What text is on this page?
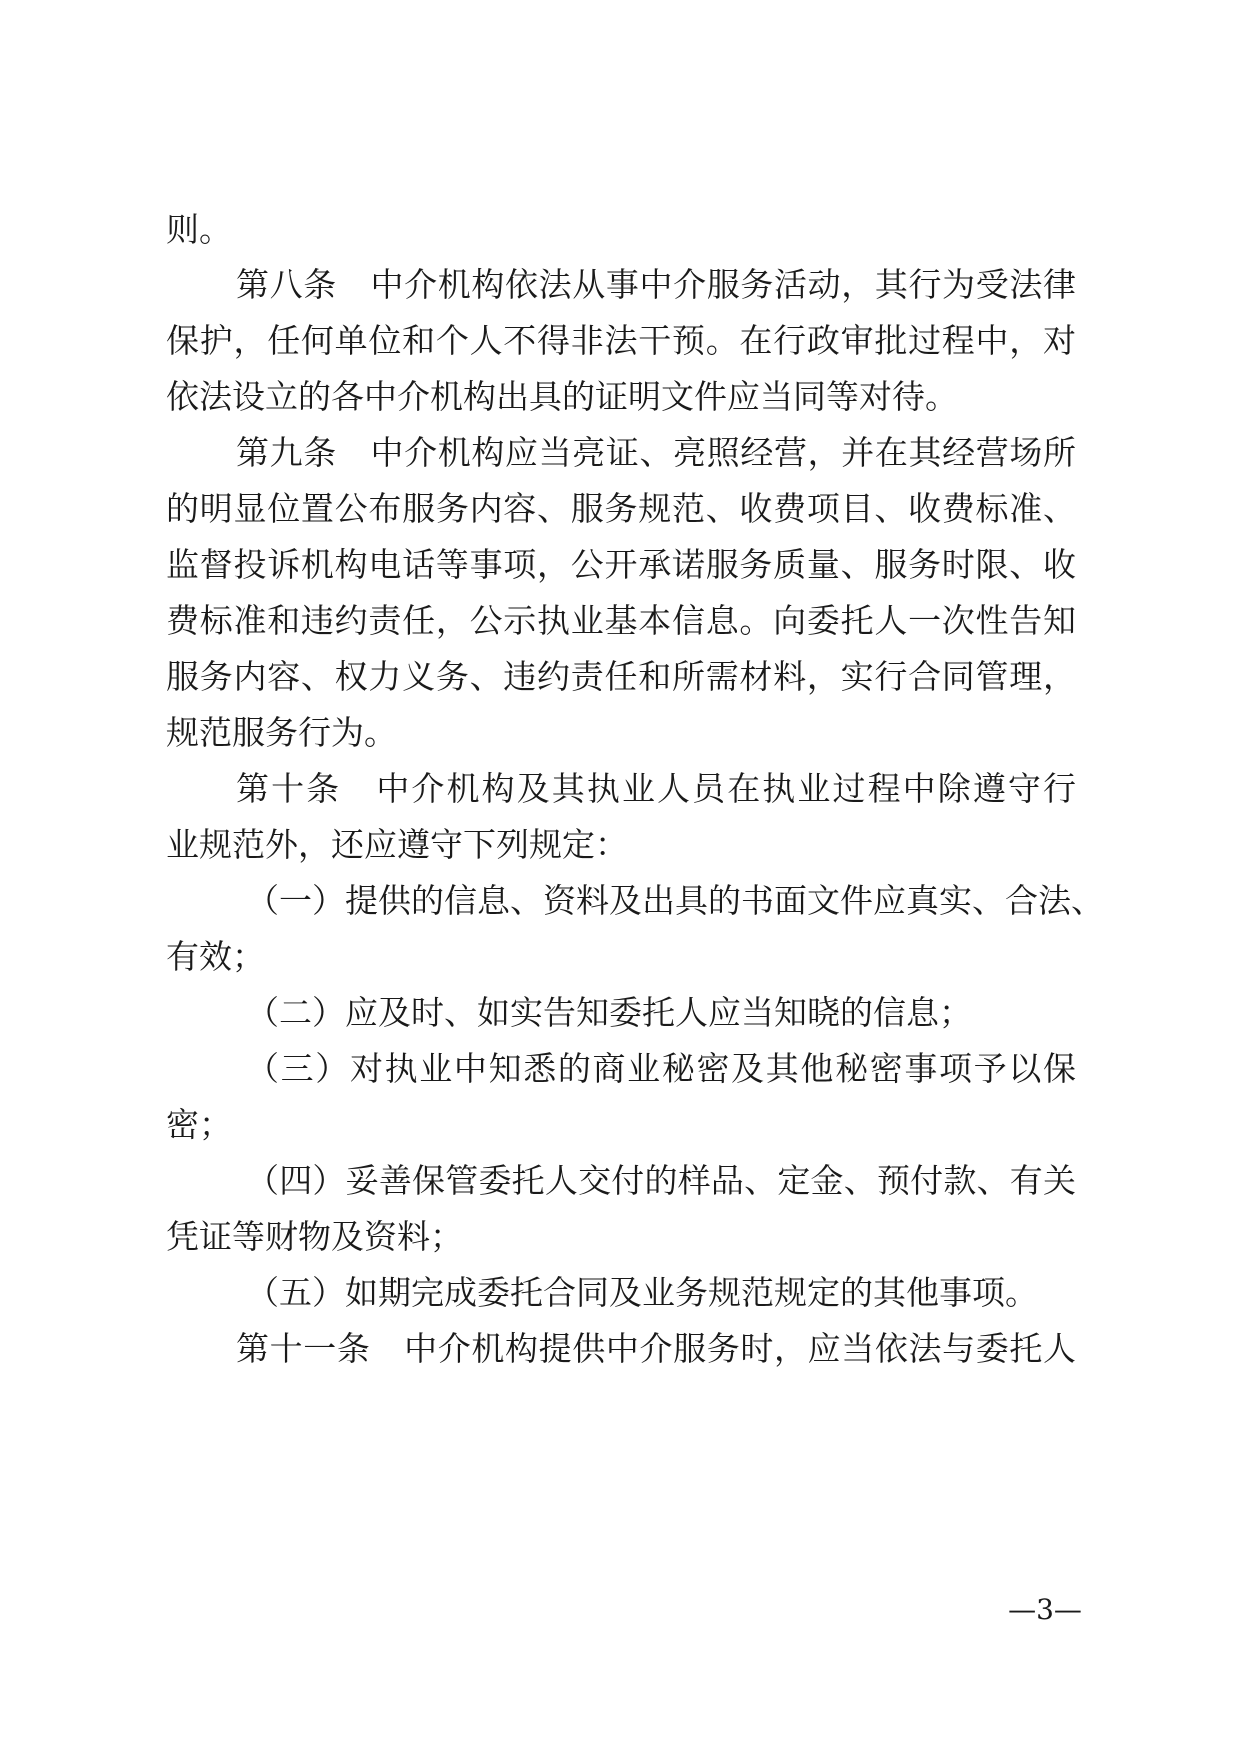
则。
第八条　中介机构依法从事中介服务活动，其行为受法律
保护，任何单位和个人不得非法干预。在行政审批过程中，对
依法设立的各中介机构出具的证明文件应当同等对待。
第九条　中介机构应当亮证、亮照经营，并在其经营场所
的明显位置公布服务内容、服务规范、收费项目、收费标准、
监督投诉机构电话等事项，公开承诺服务质量、服务时限、收
费标准和违约责任，公示执业基本信息。向委托人一次性告知
服务内容、权力义务、违约责任和所需材料，实行合同管理，
规范服务行为。
第十条　中介机构及其执业人员在执业过程中除遵守行
业规范外，还应遵守下列规定：
（一）提供的信息、资料及出具的书面文件应真实、合法、
有效；
（二）应及时、如实告知委托人应当知晓的信息；
（三）对执业中知悉的商业秘密及其他秘密事项予以保
密；
（四）妥善保管委托人交付的样品、定金、预付款、有关
凭证等财物及资料；
（五）如期完成委托合同及业务规范规定的其他事项。
第十一条　中介机构提供中介服务时，应当依法与委托人
—3—
